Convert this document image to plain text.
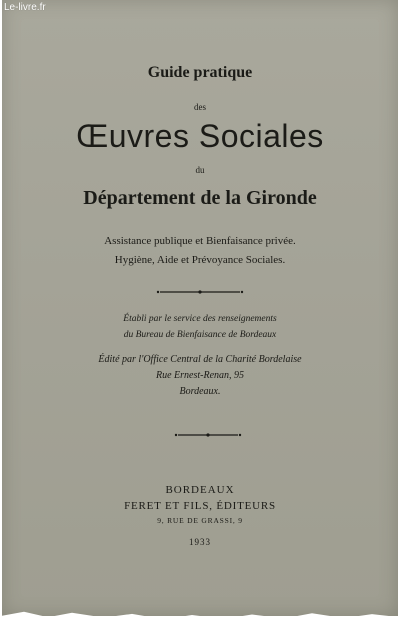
Le-livre.fr
Guide pratique
des
Œuvres Sociales
du
Département de la Gironde
Assistance publique et Bienfaisance privée.
Hygiène, Aide et Prévoyance Sociales.
Établi par le service des renseignements
du Bureau de Bienfaisance de Bordeaux
Édité par l'Office Central de la Charité Bordelaise
Rue Ernest-Renan, 95
Bordeaux.
BORDEAUX
FERET ET FILS, ÉDITEURS
9, RUE DE GRASSI, 9
1933
